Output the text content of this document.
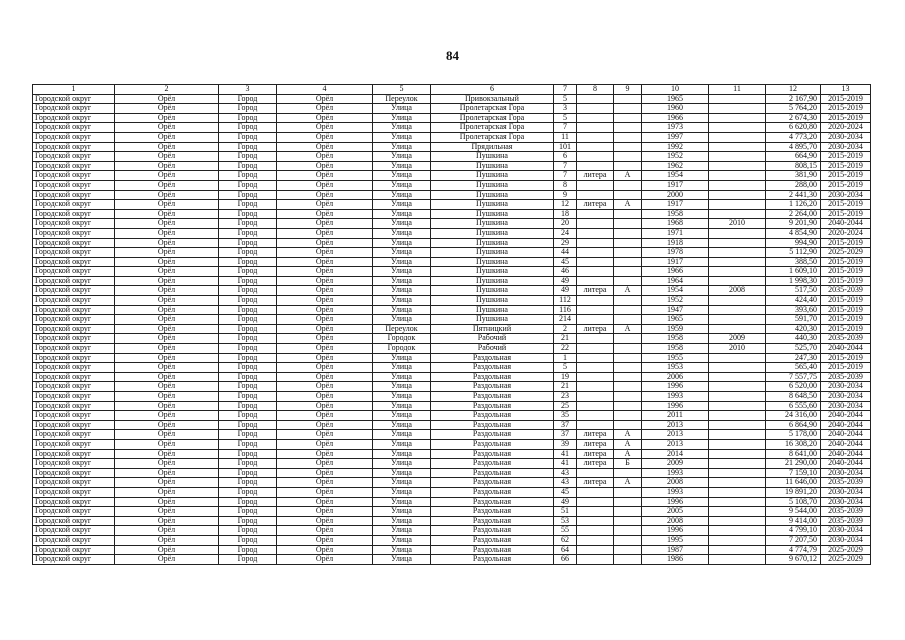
84
1	2	3	4	5	6	7	8	9	10	11	12	13
Городской округ	Орёл	Город	Орёл	Переулок	Привокзальный	5			1965		2 167,90	2015-2019
Городской округ	Орёл	Город	Орёл	Улица	Пролетарская Гора	3			1960		5 764,20	2015-2019
Городской округ	Орёл	Город	Орёл	Улица	Пролетарская Гора	5			1966		2 674,30	2015-2019
Городской округ	Орёл	Город	Орёл	Улица	Пролетарская Гора	7			1973		6 620,80	2020-2024
Городской округ	Орёл	Город	Орёл	Улица	Пролетарская Гора	11			1997		4 773,20	2030-2034
Городской округ	Орёл	Город	Орёл	Улица	Прядильная	101			1992		4 895,70	2030-2034
Городской округ	Орёл	Город	Орёл	Улица	Пушкина	6			1952		664,90	2015-2019
Городской округ	Орёл	Город	Орёл	Улица	Пушкина	7			1962		808,15	2015-2019
Городской округ	Орёл	Город	Орёл	Улица	Пушкина	7	литера	А	1954		381,90	2015-2019
Городской округ	Орёл	Город	Орёл	Улица	Пушкина	8			1917		288,00	2015-2019
Городской округ	Орёл	Город	Орёл	Улица	Пушкина	9			2000		2 441,30	2030-2034
Городской округ	Орёл	Город	Орёл	Улица	Пушкина	12	литера	А	1917		1 126,20	2015-2019
Городской округ	Орёл	Город	Орёл	Улица	Пушкина	18			1958		2 264,00	2015-2019
Городской округ	Орёл	Город	Орёл	Улица	Пушкина	20			1968	2010	9 201,90	2040-2044
Городской округ	Орёл	Город	Орёл	Улица	Пушкина	24			1971		4 854,90	2020-2024
Городской округ	Орёл	Город	Орёл	Улица	Пушкина	29			1918		994,90	2015-2019
Городской округ	Орёл	Город	Орёл	Улица	Пушкина	44			1978		5 112,90	2025-2029
Городской округ	Орёл	Город	Орёл	Улица	Пушкина	45			1917		388,50	2015-2019
Городской округ	Орёл	Город	Орёл	Улица	Пушкина	46			1966		1 609,10	2015-2019
Городской округ	Орёл	Город	Орёл	Улица	Пушкина	49			1964		1 998,30	2015-2019
Городской округ	Орёл	Город	Орёл	Улица	Пушкина	49	литера	А	1954	2008	517,50	2035-2039
Городской округ	Орёл	Город	Орёл	Улица	Пушкина	112			1952		424,40	2015-2019
Городской округ	Орёл	Город	Орёл	Улица	Пушкина	116			1947		393,60	2015-2019
Городской округ	Орёл	Город	Орёл	Улица	Пушкина	214			1965		591,70	2015-2019
Городской округ	Орёл	Город	Орёл	Переулок	Пятницкий	2	литера	А	1959		420,30	2015-2019
Городской округ	Орёл	Город	Орёл	Городок	Рабочий	21			1958	2009	440,30	2035-2039
Городской округ	Орёл	Город	Орёл	Городок	Рабочий	22			1958	2010	525,70	2040-2044
Городской округ	Орёл	Город	Орёл	Улица	Раздольная	1			1955		247,30	2015-2019
Городской округ	Орёл	Город	Орёл	Улица	Раздольная	5			1953		565,40	2015-2019
Городской округ	Орёл	Город	Орёл	Улица	Раздольная	19			2006		7 557,75	2035-2039
Городской округ	Орёл	Город	Орёл	Улица	Раздольная	21			1996		6 520,00	2030-2034
Городской округ	Орёл	Город	Орёл	Улица	Раздольная	23			1993		8 648,50	2030-2034
Городской округ	Орёл	Город	Орёл	Улица	Раздольная	25			1996		6 555,60	2030-2034
Городской округ	Орёл	Город	Орёл	Улица	Раздольная	35			2011		24 316,00	2040-2044
Городской округ	Орёл	Город	Орёл	Улица	Раздольная	37			2013		6 864,90	2040-2044
Городской округ	Орёл	Город	Орёл	Улица	Раздольная	37	литера	А	2013		5 178,00	2040-2044
Городской округ	Орёл	Город	Орёл	Улица	Раздольная	39	литера	А	2013		16 308,20	2040-2044
Городской округ	Орёл	Город	Орёл	Улица	Раздольная	41	литера	А	2014		8 641,00	2040-2044
Городской округ	Орёл	Город	Орёл	Улица	Раздольная	41	литера	Б	2009		21 290,00	2040-2044
Городской округ	Орёл	Город	Орёл	Улица	Раздольная	43			1993		7 159,10	2030-2034
Городской округ	Орёл	Город	Орёл	Улица	Раздольная	43	литера	А	2008		11 646,00	2035-2039
Городской округ	Орёл	Город	Орёл	Улица	Раздольная	45			1993		19 891,20	2030-2034
Городской округ	Орёл	Город	Орёл	Улица	Раздольная	49			1996		5 108,70	2030-2034
Городской округ	Орёл	Город	Орёл	Улица	Раздольная	51			2005		9 544,00	2035-2039
Городской округ	Орёл	Город	Орёл	Улица	Раздольная	53			2008		9 414,00	2035-2039
Городской округ	Орёл	Город	Орёл	Улица	Раздольная	55			1996		4 799,10	2030-2034
Городской округ	Орёл	Город	Орёл	Улица	Раздольная	62			1995		7 207,50	2030-2034
Городской округ	Орёл	Город	Орёл	Улица	Раздольная	64			1987		4 774,79	2025-2029
Городской округ	Орёл	Город	Орёл	Улица	Раздольная	66			1986		9 670,12	2025-2029
